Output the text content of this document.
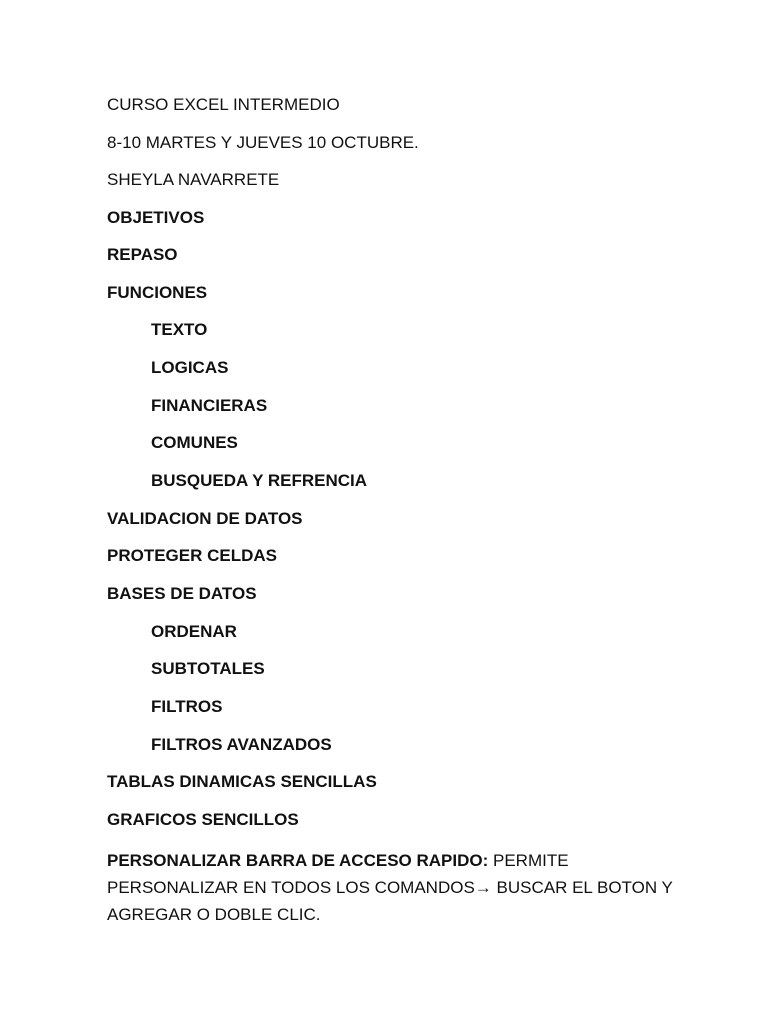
CURSO EXCEL INTERMEDIO
8-10 MARTES Y JUEVES 10 OCTUBRE.
SHEYLA NAVARRETE
OBJETIVOS
REPASO
FUNCIONES
TEXTO
LOGICAS
FINANCIERAS
COMUNES
BUSQUEDA Y REFRENCIA
VALIDACION DE DATOS
PROTEGER CELDAS
BASES DE DATOS
ORDENAR
SUBTOTALES
FILTROS
FILTROS AVANZADOS
TABLAS DINAMICAS SENCILLAS
GRAFICOS SENCILLOS
PERSONALIZAR BARRA DE ACCESO RAPIDO: PERMITE PERSONALIZAR EN TODOS LOS COMANDOS→ BUSCAR EL BOTON Y AGREGAR O DOBLE CLIC.
